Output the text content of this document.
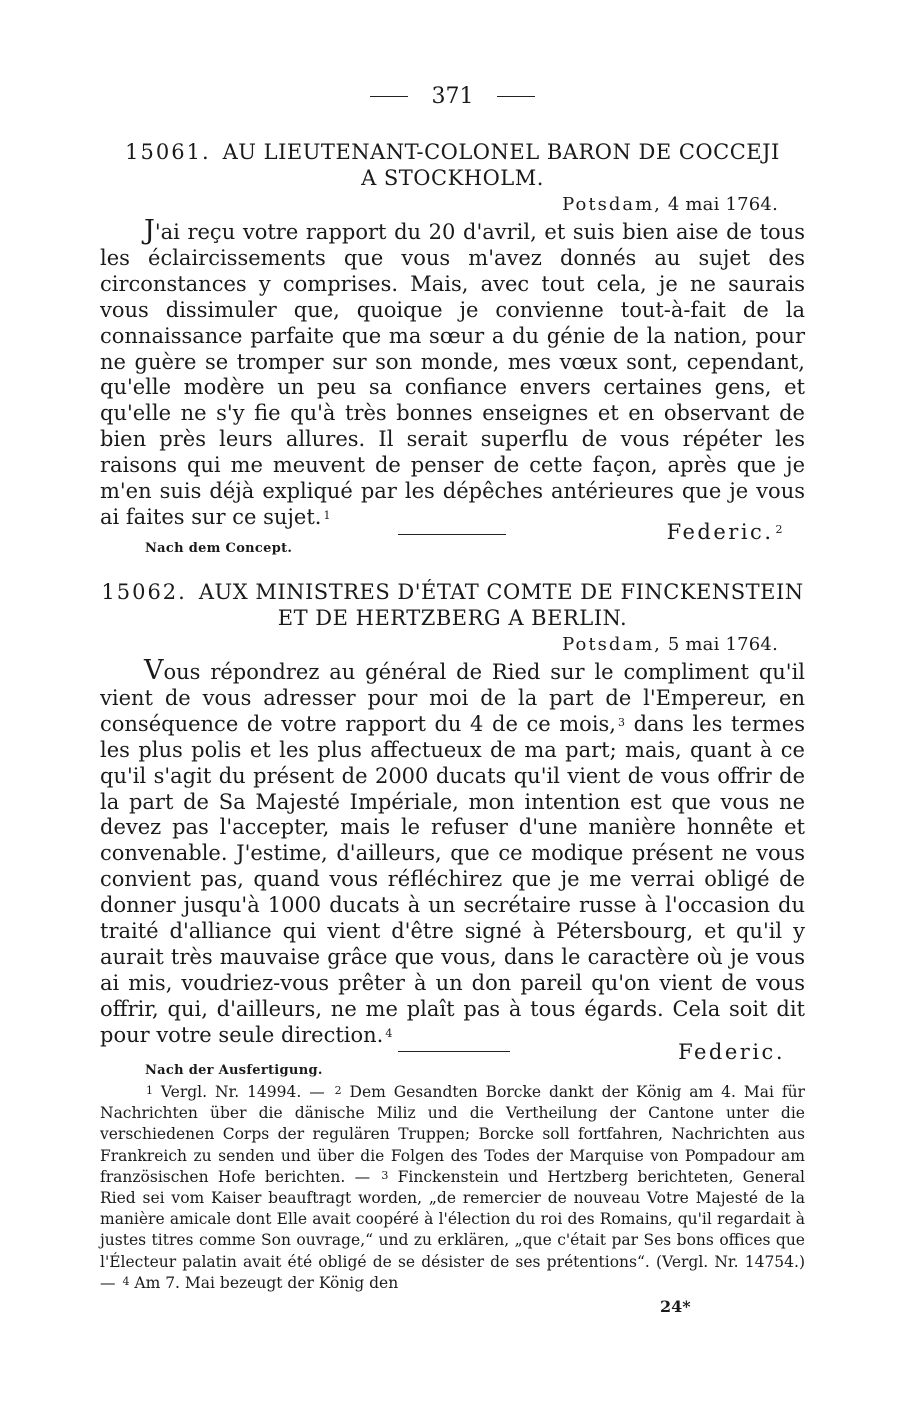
371
15061. AU LIEUTENANT-COLONEL BARON DE COCCEJI
A STOCKHOLM.
Potsdam, 4 mai 1764.

J'ai reçu votre rapport du 20 d'avril, et suis bien aise de tous les éclaircissements que vous m'avez donnés au sujet des circonstances y comprises. Mais, avec tout cela, je ne saurais vous dissimuler que, quoique je convienne tout-à-fait de la connaissance parfaite que ma sœur a du génie de la nation, pour ne guère se tromper sur son monde, mes vœux sont, cependant, qu'elle modère un peu sa confiance envers certaines gens, et qu'elle ne s'y fie qu'à très bonnes enseignes et en observant de bien près leurs allures. Il serait superflu de vous répéter les raisons qui me meuvent de penser de cette façon, après que je m'en suis déjà expliqué par les dépêches antérieures que je vous ai faites sur ce sujet. $^1$

Federic. $^2$
Nach dem Concept.
15062. AUX MINISTRES D'ÉTAT COMTE DE FINCKENSTEIN
ET DE HERTZBERG A BERLIN.
Potsdam, 5 mai 1764.

Vous répondrez au général de Ried sur le compliment qu'il vient de vous adresser pour moi de la part de l'Empereur, en conséquence de votre rapport du 4 de ce mois, $^3$ dans les termes les plus polis et les plus affectueux de ma part; mais, quant à ce qu'il s'agit du présent de 2000 ducats qu'il vient de vous offrir de la part de Sa Majesté Impériale, mon intention est que vous ne devez pas l'accepter, mais le refuser d'une manière honnête et convenable. J'estime, d'ailleurs, que ce modique présent ne vous convient pas, quand vous réfléchirez que je me verrai obligé de donner jusqu'à 1000 ducats à un secrétaire russe à l'occasion du traité d'alliance qui vient d'être signé à Pétersbourg, et qu'il y aurait très mauvaise grâce que vous, dans le caractère où je vous ai mis, voudriez-vous prêter à un don pareil qu'on vient de vous offrir, qui, d'ailleurs, ne me plaît pas à tous égards. Cela soit dit pour votre seule direction. $^4$

Federic.
Nach der Ausfertigung.

$^1$ Vergl. Nr. 14994. — $^2$ Dem Gesandten Borcke dankt der König am 4. Mai für Nachrichten über die dänische Miliz und die Vertheilung der Cantone unter die verschiedenen Corps der regulären Truppen; Borcke soll fortfahren, Nachrichten aus Frankreich zu senden und über die Folgen des Todes der Marquise von Pompadour am französischen Hofe berichten. — $^3$ Finckenstein und Hertzberg berichteten, General Ried sei vom Kaiser beauftragt worden, „de remercier de nouveau Votre Majesté de la manière amicale dont Elle avait coopéré à l'élection du roi des Romains, qu'il regardait à justes titres comme Son ouvrage,“ und zu erklären, „que c'était par Ses bons offices que l'Électeur palatin avait été obligé de se désister de ses prétentions“. (Vergl. Nr. 14754.) — $^4$ Am 7. Mai bezeugt der König den

24*
